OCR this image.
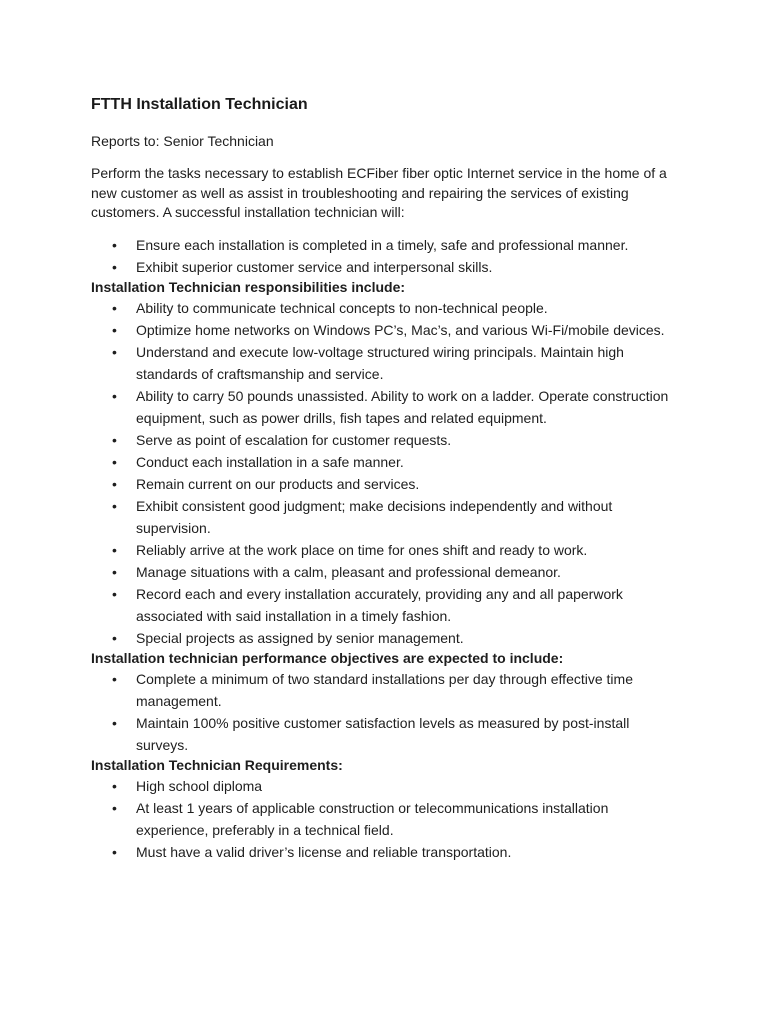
FTTH Installation Technician

Reports to: Senior Technician

Perform the tasks necessary to establish ECFiber fiber optic Internet service in the home of a new customer as well as assist in troubleshooting and repairing the services of existing customers. A successful installation technician will:

• Ensure each installation is completed in a timely, safe and professional manner.
• Exhibit superior customer service and interpersonal skills.

Installation Technician responsibilities include:

• Ability to communicate technical concepts to non-technical people.
• Optimize home networks on Windows PC’s, Mac’s, and various Wi-Fi/mobile devices.
• Understand and execute low-voltage structured wiring principals. Maintain high standards of craftsmanship and service.
• Ability to carry 50 pounds unassisted. Ability to work on a ladder. Operate construction equipment, such as power drills, fish tapes and related equipment.
• Serve as point of escalation for customer requests.
• Conduct each installation in a safe manner.
• Remain current on our products and services.
• Exhibit consistent good judgment; make decisions independently and without supervision.
• Reliably arrive at the work place on time for ones shift and ready to work.
• Manage situations with a calm, pleasant and professional demeanor.
• Record each and every installation accurately, providing any and all paperwork associated with said installation in a timely fashion.
• Special projects as assigned by senior management.

Installation technician performance objectives are expected to include:

• Complete a minimum of two standard installations per day through effective time management.
• Maintain 100% positive customer satisfaction levels as measured by post-install surveys.

Installation Technician Requirements:

• High school diploma
• At least 1 years of applicable construction or telecommunications installation experience, preferably in a technical field.
• Must have a valid driver’s license and reliable transportation.
